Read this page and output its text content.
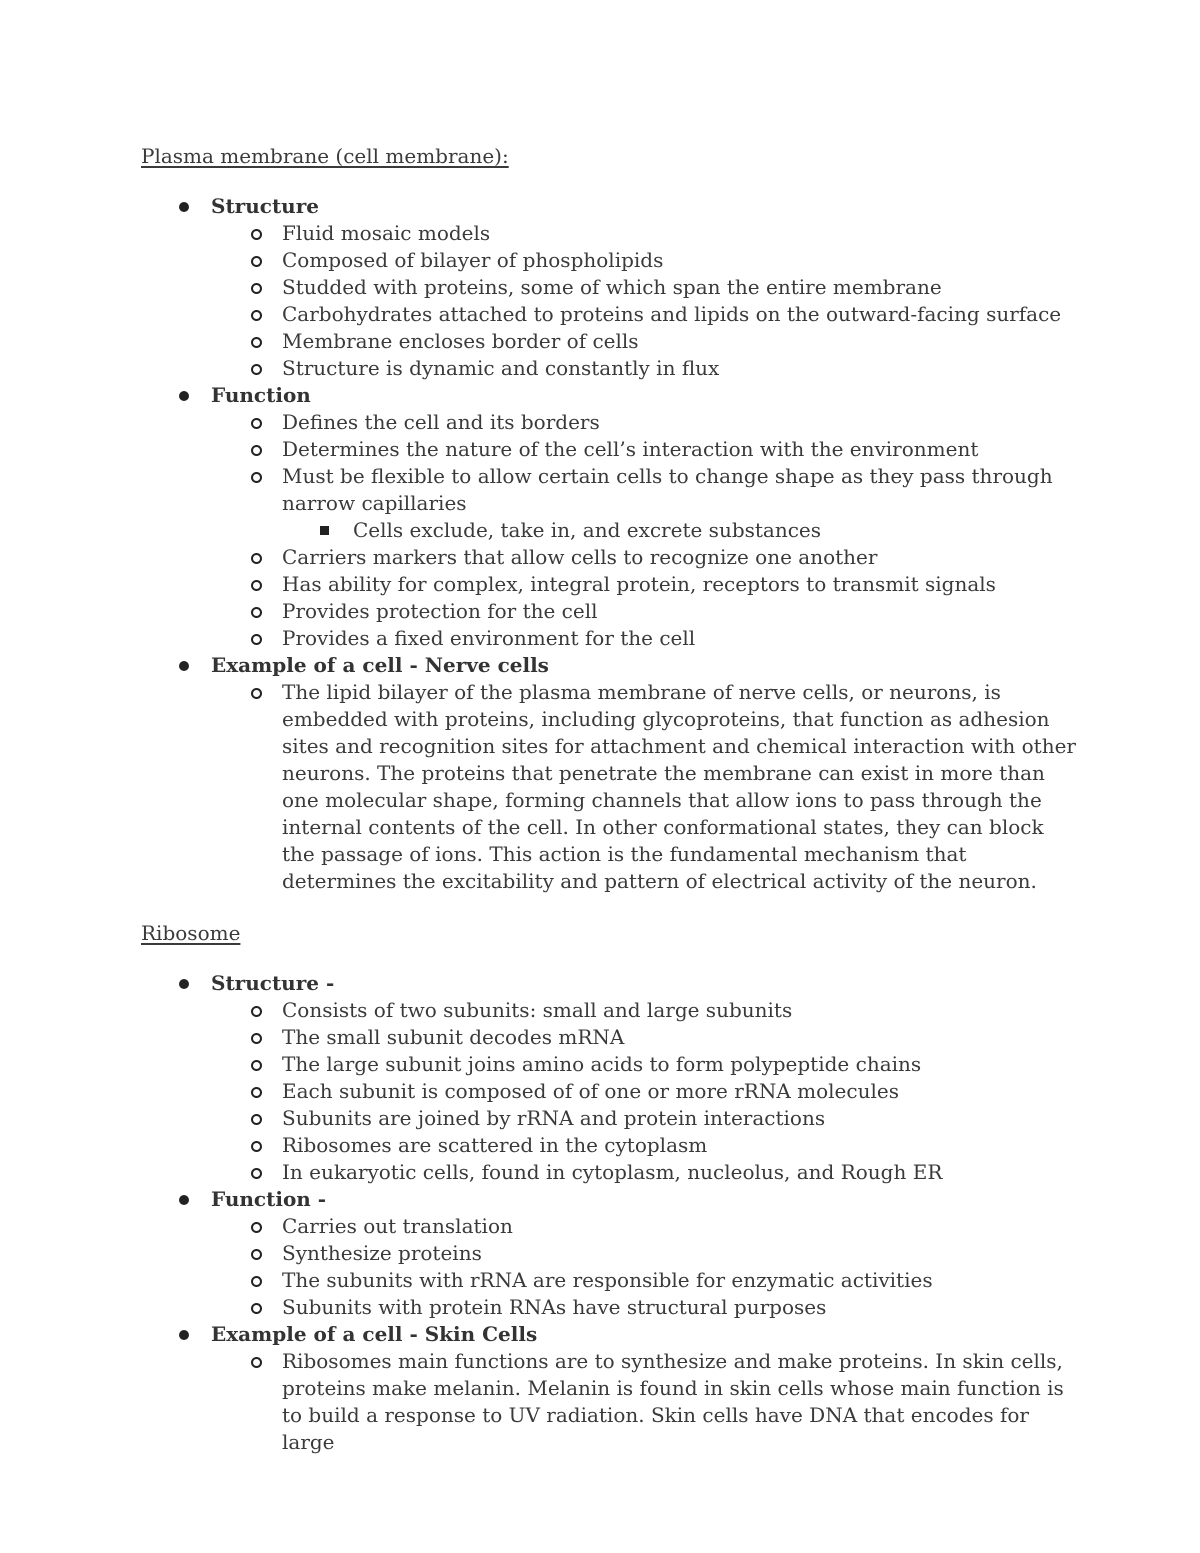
Plasma membrane (cell membrane):
Structure
Fluid mosaic models
Composed of bilayer of phospholipids
Studded with proteins, some of which span the entire membrane
Carbohydrates attached to proteins and lipids on the outward-facing surface
Membrane encloses border of cells
Structure is dynamic and constantly in flux
Function
Defines the cell and its borders
Determines the nature of the cell’s interaction with the environment
Must be flexible to allow certain cells to change shape as they pass through narrow capillaries
Cells exclude, take in, and excrete substances
Carriers markers that allow cells to recognize one another
Has ability for complex, integral protein, receptors to transmit signals
Provides protection for the cell
Provides a fixed environment for the cell
Example of a cell - Nerve cells
The lipid bilayer of the plasma membrane of nerve cells, or neurons, is embedded with proteins, including glycoproteins, that function as adhesion sites and recognition sites for attachment and chemical interaction with other neurons. The proteins that penetrate the membrane can exist in more than one molecular shape, forming channels that allow ions to pass through the internal contents of the cell. In other conformational states, they can block the passage of ions. This action is the fundamental mechanism that determines the excitability and pattern of electrical activity of the neuron.
Ribosome
Structure -
Consists of two subunits: small and large subunits
The small subunit decodes mRNA
The large subunit joins amino acids to form polypeptide chains
Each subunit is composed of of one or more rRNA molecules
Subunits are joined by rRNA and protein interactions
Ribosomes are scattered in the cytoplasm
In eukaryotic cells, found in cytoplasm, nucleolus, and Rough ER
Function -
Carries out translation
Synthesize proteins
The subunits with rRNA are responsible for enzymatic activities
Subunits with protein RNAs have structural purposes
Example of a cell - Skin Cells
Ribosomes main functions are to synthesize and make proteins. In skin cells, proteins make melanin. Melanin is found in skin cells whose main function is to build a response to UV radiation. Skin cells have DNA that encodes for large
